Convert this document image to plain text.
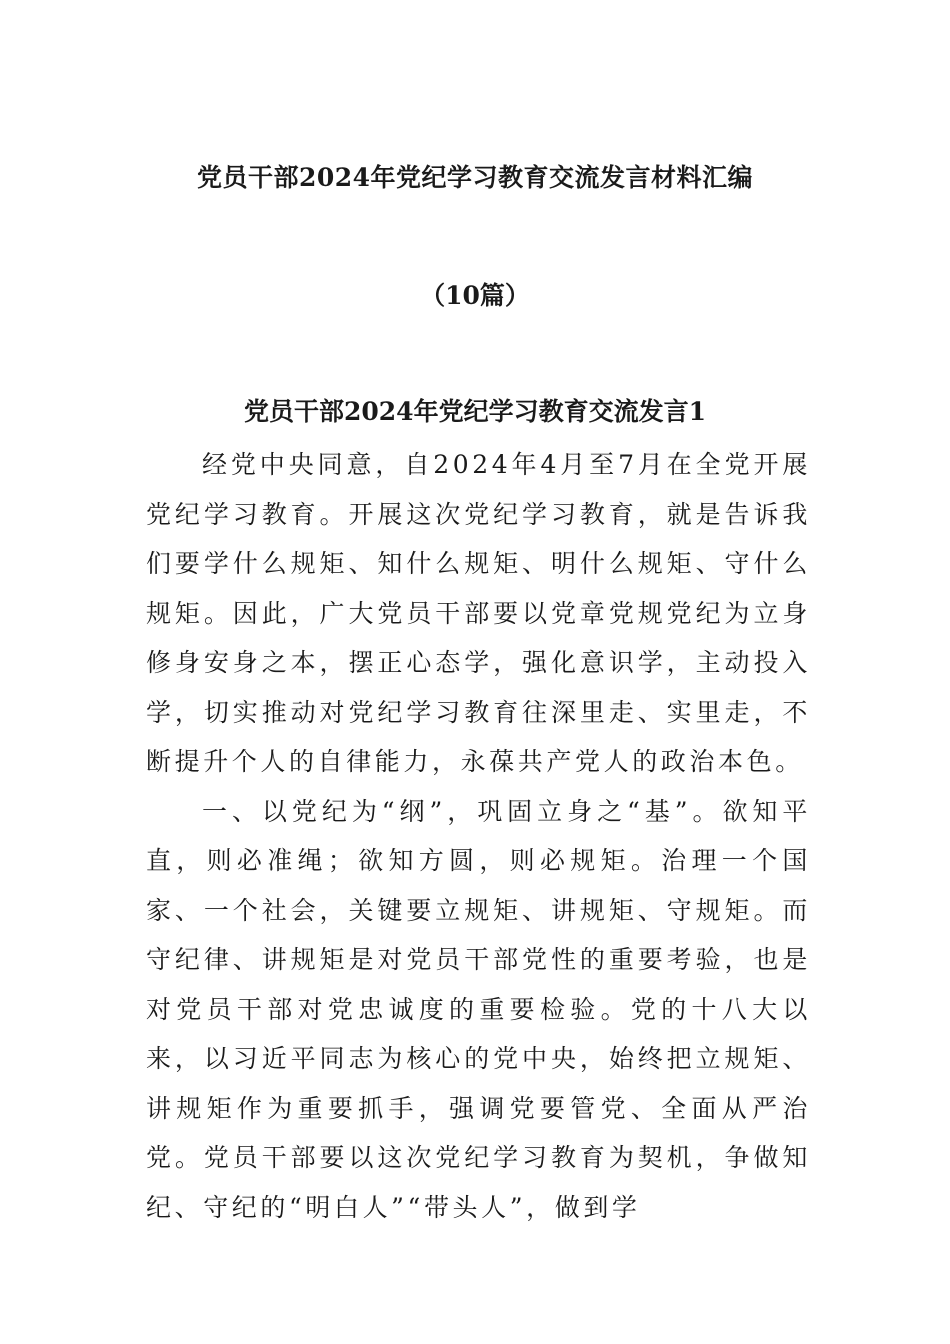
党员干部2024年党纪学习教育交流发言材料汇编
（10篇）
党员干部2024年党纪学习教育交流发言1

经党中央同意，自2024年4月至7月在全党开展党纪学习教育。开展这次党纪学习教育，就是告诉我们要学什么规矩、知什么规矩、明什么规矩、守什么规矩。因此，广大党员干部要以党章党规党纪为立身修身安身之本，摆正心态学，强化意识学，主动投入学，切实推动对党纪学习教育往深里走、实里走，不断提升个人的自律能力，永葆共产党人的政治本色。

一、以党纪为“纲”，巩固立身之“基”。欲知平直，则必准绳；欲知方圆，则必规矩。治理一个国家、一个社会，关键要立规矩、讲规矩、守规矩。而守纪律、讲规矩是对党员干部党性的重要考验，也是对党员干部对党忠诚度的重要检验。党的十八大以来，以习近平同志为核心的党中央，始终把立规矩、讲规矩作为重要抓手，强调党要管党、全面从严治党。党员干部要以这次党纪学习教育为契机，争做知纪、守纪的“明白人”“带头人”，做到学
